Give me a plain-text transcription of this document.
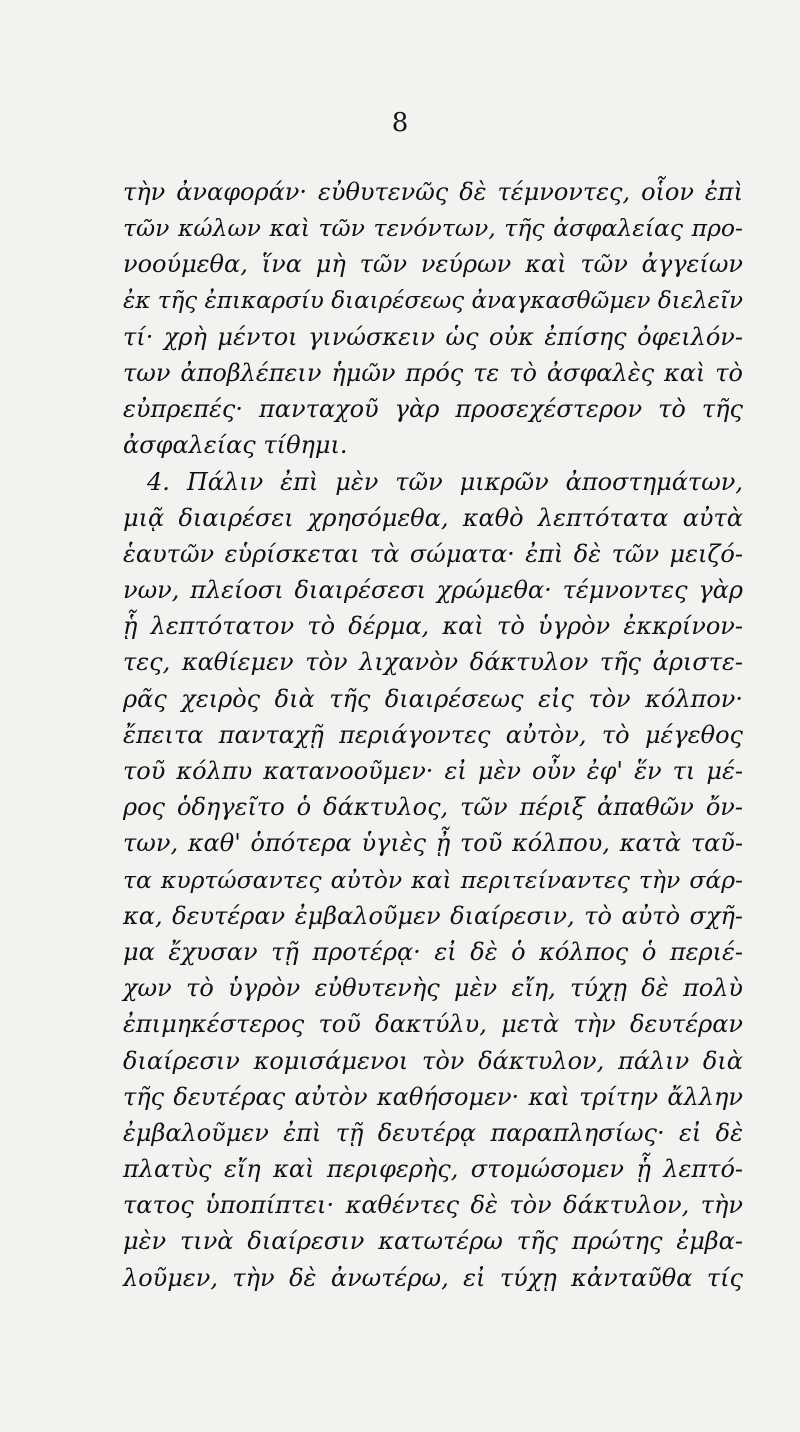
8
τὴν ἀναφοράν· εὐθυτενῶς δὲ τέμνοντες, οἷον ἐπὶ
τῶν κώλων καὶ τῶν τενόντων, τῆς ἀσφαλείας προ-
νοούμεθα, ἵνα μὴ τῶν νεύρων καὶ τῶν ἀγγείων
ἐκ τῆς ἐπικαρσίυ διαιρέσεως ἀναγκασθῶμεν διελεῖν
τί· χρὴ μέντοι γινώσκειν ὡς οὐκ ἐπίσης ὀφειλόν-
των ἀποβλέπειν ἡμῶν πρός τε τὸ ἀσφαλὲς καὶ τὸ
εὐπρεπές· πανταχοῦ γὰρ προσεχέστερον τὸ τῆς
ἀσφαλείας τίθημι.
4. Πάλιν ἐπὶ μὲν τῶν μικρῶν ἀποστημάτων,
μιᾷ διαιρέσει χρησόμεθα, καθὸ λεπτότατα αὐτὰ
ἑαυτῶν εὑρίσκεται τὰ σώματα· ἐπὶ δὲ τῶν μειζό-
νων, πλείοσι διαιρέσεσι χρώμεθα· τέμνοντες γὰρ
ᾗ λεπτότατον τὸ δέρμα, καὶ τὸ ὑγρὸν ἐκκρίνον-
τες, καθίεμεν τὸν λιχανὸν δάκτυλον τῆς ἀριστε-
ρᾶς χειρὸς διὰ τῆς διαιρέσεως εἰς τὸν κόλπον·
ἔπειτα πανταχῇ περιάγοντες αὐτὸν, τὸ μέγεθος
τοῦ κόλπυ κατανοοῦμεν· εἰ μὲν οὖν ἐφ' ἕν τι μέ-
ρος ὁδηγεῖτο ὁ δάκτυλος, τῶν πέριξ ἀπαθῶν ὄν-
των, καθ' ὁπότερα ὑγιὲς ᾖ τοῦ κόλπου, κατὰ ταῦ-
τα κυρτώσαντες αὐτὸν καὶ περιτείναντες τὴν σάρ-
κα, δευτέραν ἐμβαλοῦμεν διαίρεσιν, τὸ αὐτὸ σχῆ-
μα ἔχυσαν τῇ προτέρᾳ· εἰ δὲ ὁ κόλπος ὁ περιέ-
χων τὸ ὑγρὸν εὐθυτενὴς μὲν εἴη, τύχῃ δὲ πολὺ
ἐπιμηκέστερος τοῦ δακτύλυ, μετὰ τὴν δευτέραν
διαίρεσιν κομισάμενοι τὸν δάκτυλον, πάλιν διὰ
τῆς δευτέρας αὐτὸν καθήσομεν· καὶ τρίτην ἄλλην
ἐμβαλοῦμεν ἐπὶ τῇ δευτέρᾳ παραπλησίως· εἰ δὲ
πλατὺς εἴη καὶ περιφερὴς, στομώσομεν ᾗ λεπτό-
τατος ὑποπίπτει· καθέντες δὲ τὸν δάκτυλον, τὴν
μὲν τινὰ διαίρεσιν κατωτέρω τῆς πρώτης ἐμβα-
λοῦμεν, τὴν δὲ ἀνωτέρω, εἰ τύχῃ κἀνταῦθα τίς
